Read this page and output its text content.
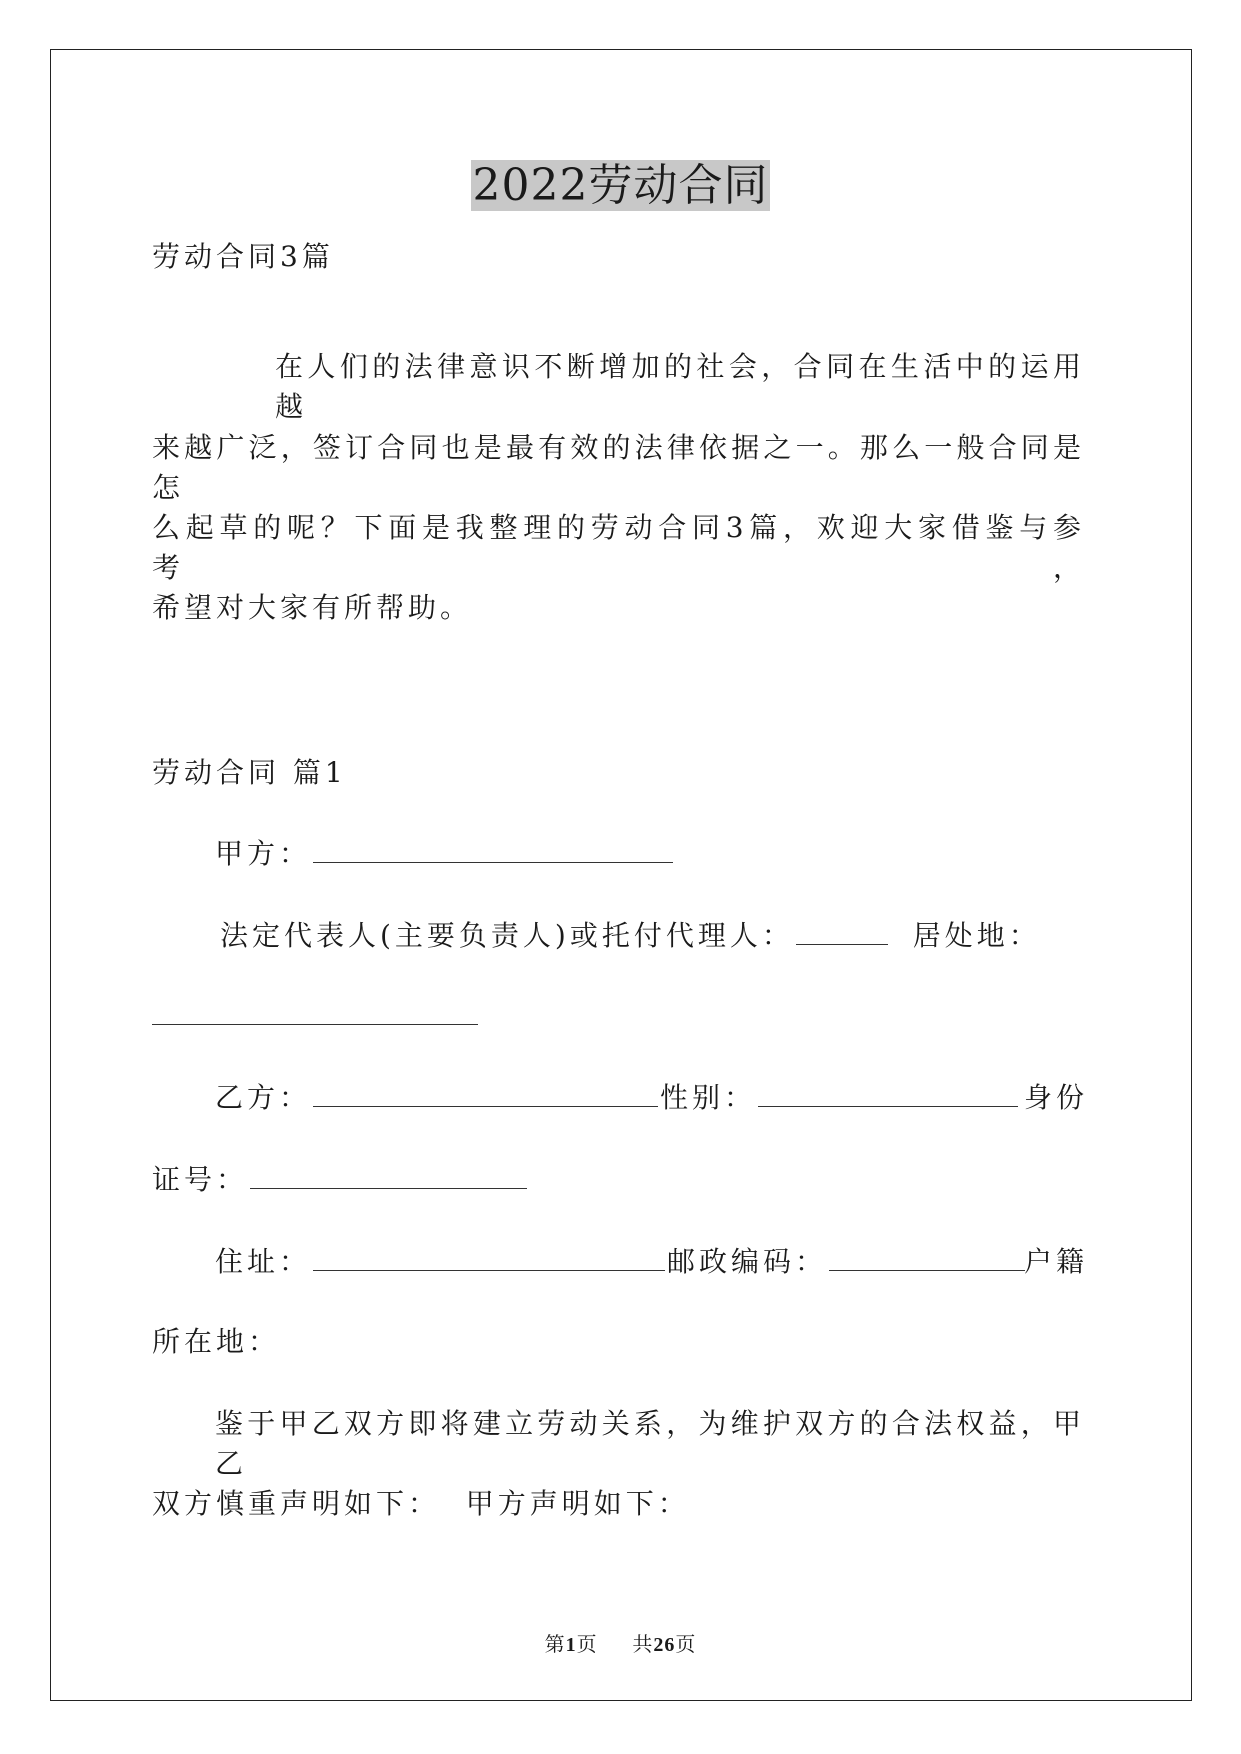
2022劳动合同
劳动合同3篇
在人们的法律意识不断增加的社会，合同在生活中的运用越
来越广泛，签订合同也是最有效的法律依据之一。那么一般合同是怎
么起草的呢？下面是我整理的劳动合同3篇，欢迎大家借鉴与参考，
希望对大家有所帮助。
劳动合同 篇1
甲方：
法定代表人(主要负责人)或托付代理人：	居处地：
乙方：	性别：	身份
证号：
住址：	邮政编码：	户籍
所在地：
鉴于甲乙双方即将建立劳动关系，为维护双方的合法权益，甲乙
双方慎重声明如下：  甲方声明如下：
第1页 共26页
